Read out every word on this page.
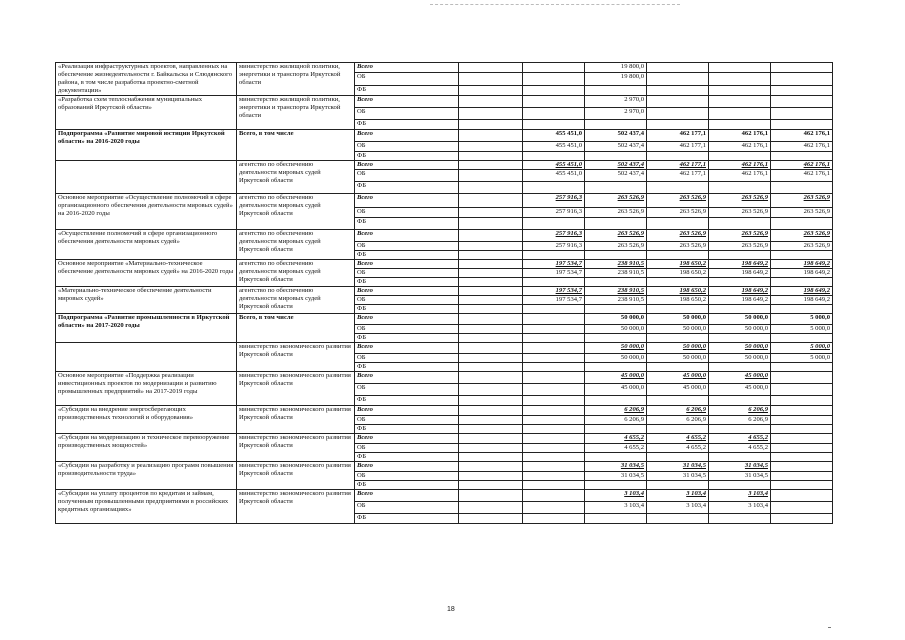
«Реализация инфраструктурных проектов, направленных на обеспечение жизнедеятельности г. Байкальска и Слюдянского района, в том числе разработка проектно-сметной документации»	министерство жилищной политики, энергетики и транспорта Иркутской области	Всего			19 800,0			
		ОБ			19 800,0			
		ФБ						
«Разработка схем теплоснабжения муниципальных образований Иркутской области»	министерство жилищной политики, энергетики и транспорта Иркутской области	Всего			2 970,0			
		ОБ			2 970,0			
		ФБ						
Подпрограмма «Развитие мировой юстиции Иркутской области» на 2016-2020 годы	Всего, в том числе	Всего		455 451,0	502 437,4	462 177,1	462 176,1	462 176,1
		ОБ		455 451,0	502 437,4	462 177,1	462 176,1	462 176,1
		ФБ						
	агентство по обеспечению деятельности мировых судей Иркутской области	Всего		455 451,0	502 437,4	462 177,1	462 176,1	462 176,1
		ОБ		455 451,0	502 437,4	462 177,1	462 176,1	462 176,1
		ФБ						
Основное мероприятие «Осуществление полномочий в сфере организационного обеспечения деятельности мировых судей» на 2016-2020 годы	агентство по обеспечению деятельности мировых судей Иркутской области	Всего		257 916,3	263 526,9	263 526,9	263 526,9	263 526,9
		ОБ		257 916,3	263 526,9	263 526,9	263 526,9	263 526,9
		ФБ						
«Осуществление полномочий в сфере организационного обеспечения деятельности мировых судей»	агентство по обеспечению деятельности мировых судей Иркутской области	Всего		257 916,3	263 526,9	263 526,9	263 526,9	263 526,9
		ОБ		257 916,3	263 526,9	263 526,9	263 526,9	263 526,9
		ФБ						
Основное мероприятие «Материально-техническое обеспечение деятельности мировых судей» на 2016-2020 годы	агентство по обеспечению деятельности мировых судей Иркутской области	Всего		197 534,7	238 910,5	198 650,2	198 649,2	198 649,2
		ОБ		197 534,7	238 910,5	198 650,2	198 649,2	198 649,2
		ФБ						
«Материально-техническое обеспечение деятельности мировых судей»	агентство по обеспечению деятельности мировых судей Иркутской области	Всего		197 534,7	238 910,5	198 650,2	198 649,2	198 649,2
		ОБ		197 534,7	238 910,5	198 650,2	198 649,2	198 649,2
		ФБ						
Подпрограмма «Развитие промышленности в Иркутской области» на 2017-2020 годы	Всего, в том числе	Всего			50 000,0	50 000,0	50 000,0	5 000,0
		ОБ			50 000,0	50 000,0	50 000,0	5 000,0
		ФБ						
	министерство экономического развития Иркутской области	Всего			50 000,0	50 000,0	50 000,0	5 000,0
		ОБ			50 000,0	50 000,0	50 000,0	5 000,0
		ФБ						
Основное мероприятие «Поддержка реализации инвестиционных проектов по модернизации и развитию промышленных предприятий» на 2017-2019 годы	министерство экономического развития Иркутской области	Всего			45 000,0	45 000,0	45 000,0	
		ОБ			45 000,0	45 000,0	45 000,0	
		ФБ						
«Субсидии на внедрение энергосберегающих производственных технологий и оборудования»	министерство экономического развития Иркутской области	Всего			6 206,9	6 206,9	6 206,9	
		ОБ			6 206,9	6 206,9	6 206,9	
		ФБ						
«Субсидии на модернизацию и техническое перевооружение производственных мощностей»	министерство экономического развития Иркутской области	Всего			4 655,2	4 655,2	4 655,2	
		ОБ			4 655,2	4 655,2	4 655,2	
		ФБ						
«Субсидии на разработку и реализацию программ повышения производительности труда»	министерство экономического развития Иркутской области	Всего			31 034,5	31 034,5	31 034,5	
		ОБ			31 034,5	31 034,5	31 034,5	
		ФБ						
«Субсидии на уплату процентов по кредитам и займам, полученным промышленными предприятиями в российских кредитных организациях»	министерство экономического развития Иркутской области	Всего			3 103,4	3 103,4	3 103,4	
		ОБ			3 103,4	3 103,4	3 103,4	
		ФБ						
18
